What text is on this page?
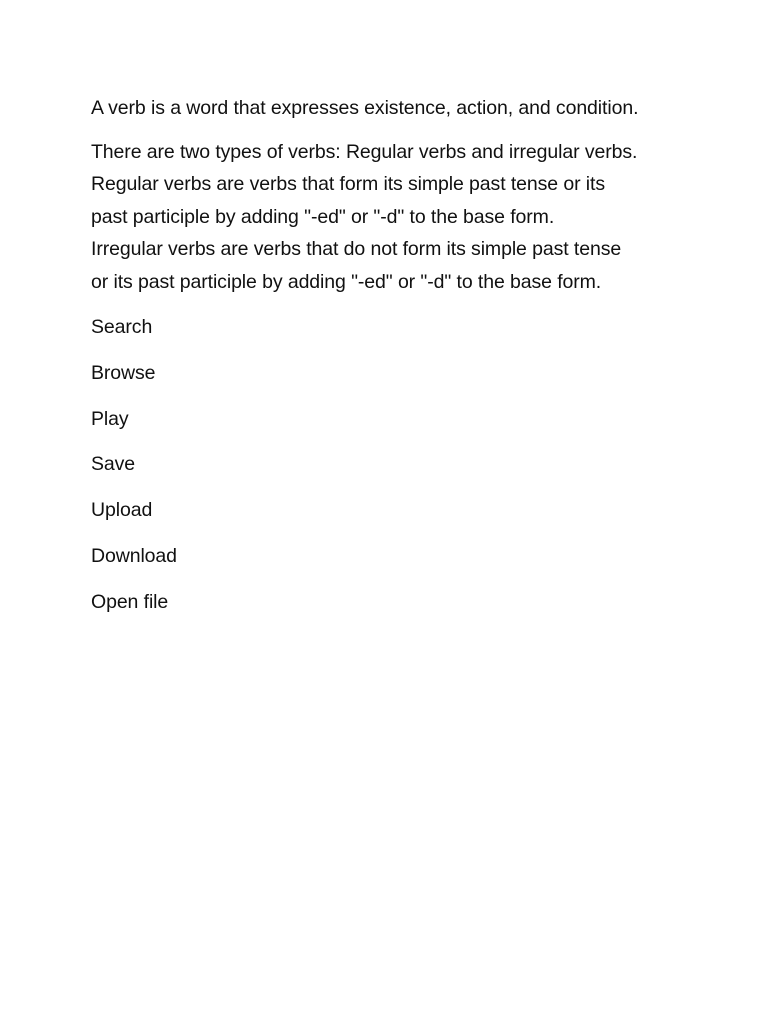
A verb is a word that expresses existence, action, and condition.

There are two types of verbs: Regular verbs and irregular verbs.
Regular verbs are verbs that form its simple past tense or its
past participle by adding "-ed" or "-d" to the base form.
Irregular verbs are verbs that do not form its simple past tense
or its past participle by adding "-ed" or "-d" to the base form.

Search
Browse
Play
Save
Upload
Download
Open file
